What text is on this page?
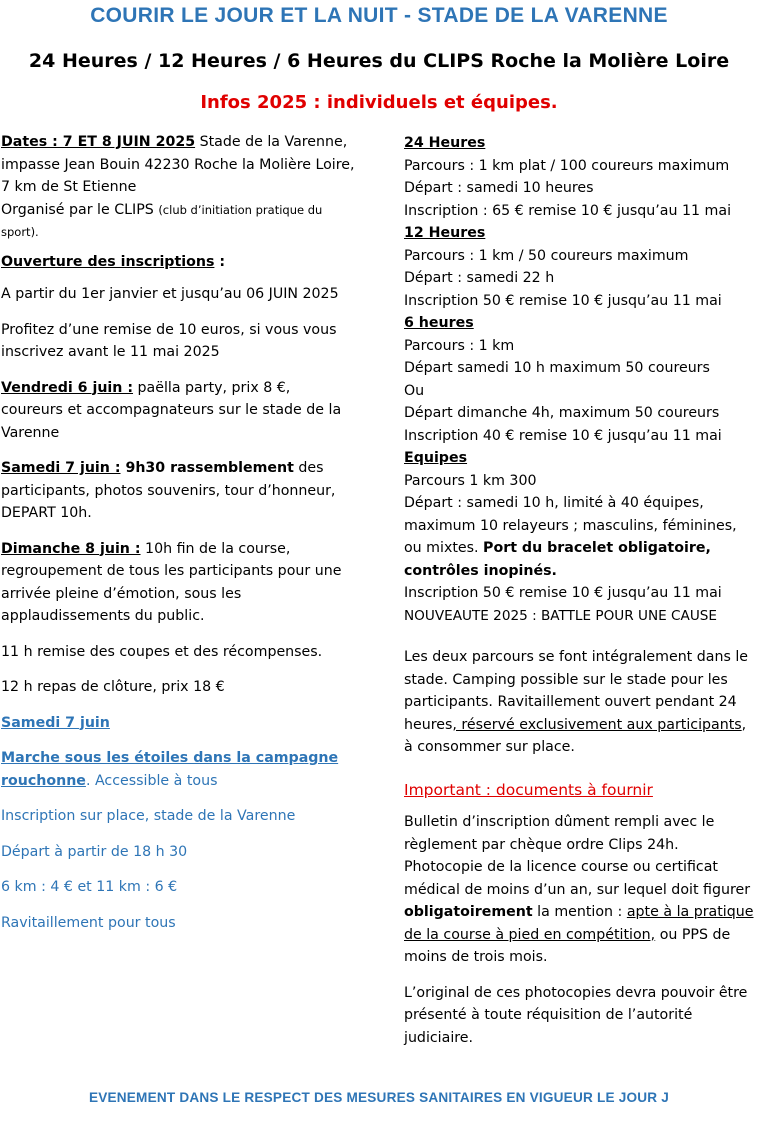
COURIR LE JOUR ET LA NUIT - STADE DE LA VARENNE
24 Heures / 12 Heures / 6 Heures du CLIPS Roche la Molière Loire
Infos 2025 : individuels et équipes.
Dates : 7 ET 8 JUIN 2025 Stade de la Varenne, impasse Jean Bouin 42230 Roche la Molière Loire, 7 km de St Etienne
Organisé par le CLIPS (club d’initiation pratique du sport).
Ouverture des inscriptions :
A partir du 1er janvier et jusqu’au 06 JUIN 2025
Profitez d’une remise de 10 euros, si vous vous inscrivez avant le 11 mai 2025
Vendredi 6 juin : paëlla party, prix 8 €, coureurs et accompagnateurs sur le stade de la Varenne
Samedi 7 juin : 9h30 rassemblement des participants, photos souvenirs, tour d’honneur, DEPART 10h.
Dimanche 8 juin : 10h fin de la course, regroupement de tous les participants pour une arrivée pleine d’émotion, sous les applaudissements du public.
11 h remise des coupes et des récompenses.
12 h repas de clôture, prix 18 €
Samedi 7 juin
Marche sous les étoiles dans la campagne rouchonne. Accessible à tous
Inscription sur place, stade de la Varenne
Départ à partir de 18 h 30
6 km : 4 € et 11 km : 6 €
Ravitaillement pour tous
24 Heures
Parcours : 1 km plat / 100 coureurs maximum
Départ : samedi 10 heures
Inscription : 65 € remise 10 € jusqu’au 11 mai
12 Heures
Parcours : 1 km / 50 coureurs maximum
Départ : samedi 22 h
Inscription 50 € remise 10 € jusqu’au 11 mai
6 heures
Parcours : 1 km
Départ samedi 10 h maximum 50 coureurs
Ou
Départ dimanche 4h, maximum 50 coureurs
Inscription 40 € remise 10 € jusqu’au 11 mai
Equipes
Parcours 1 km 300
Départ : samedi 10 h, limité à 40 équipes, maximum 10 relayeurs ; masculins, féminines, ou mixtes. Port du bracelet obligatoire, contrôles inopinés.
Inscription 50 € remise 10 € jusqu’au 11 mai
NOUVEAUTE 2025 : BATTLE POUR UNE CAUSE
Les deux parcours se font intégralement dans le stade. Camping possible sur le stade pour les participants. Ravitaillement ouvert pendant 24 heures, réservé exclusivement aux participants, à consommer sur place.
Important : documents à fournir
Bulletin d’inscription dûment rempli avec le règlement par chèque ordre Clips 24h. Photocopie de la licence course ou certificat médical de moins d’un an, sur lequel doit figurer obligatoirement la mention : apte à la pratique de la course à pied en compétition, ou PPS de moins de trois mois.
L’original de ces photocopies devra pouvoir être présenté à toute réquisition de l’autorité judiciaire.
EVENEMENT DANS LE RESPECT DES MESURES SANITAIRES EN VIGUEUR LE JOUR J
